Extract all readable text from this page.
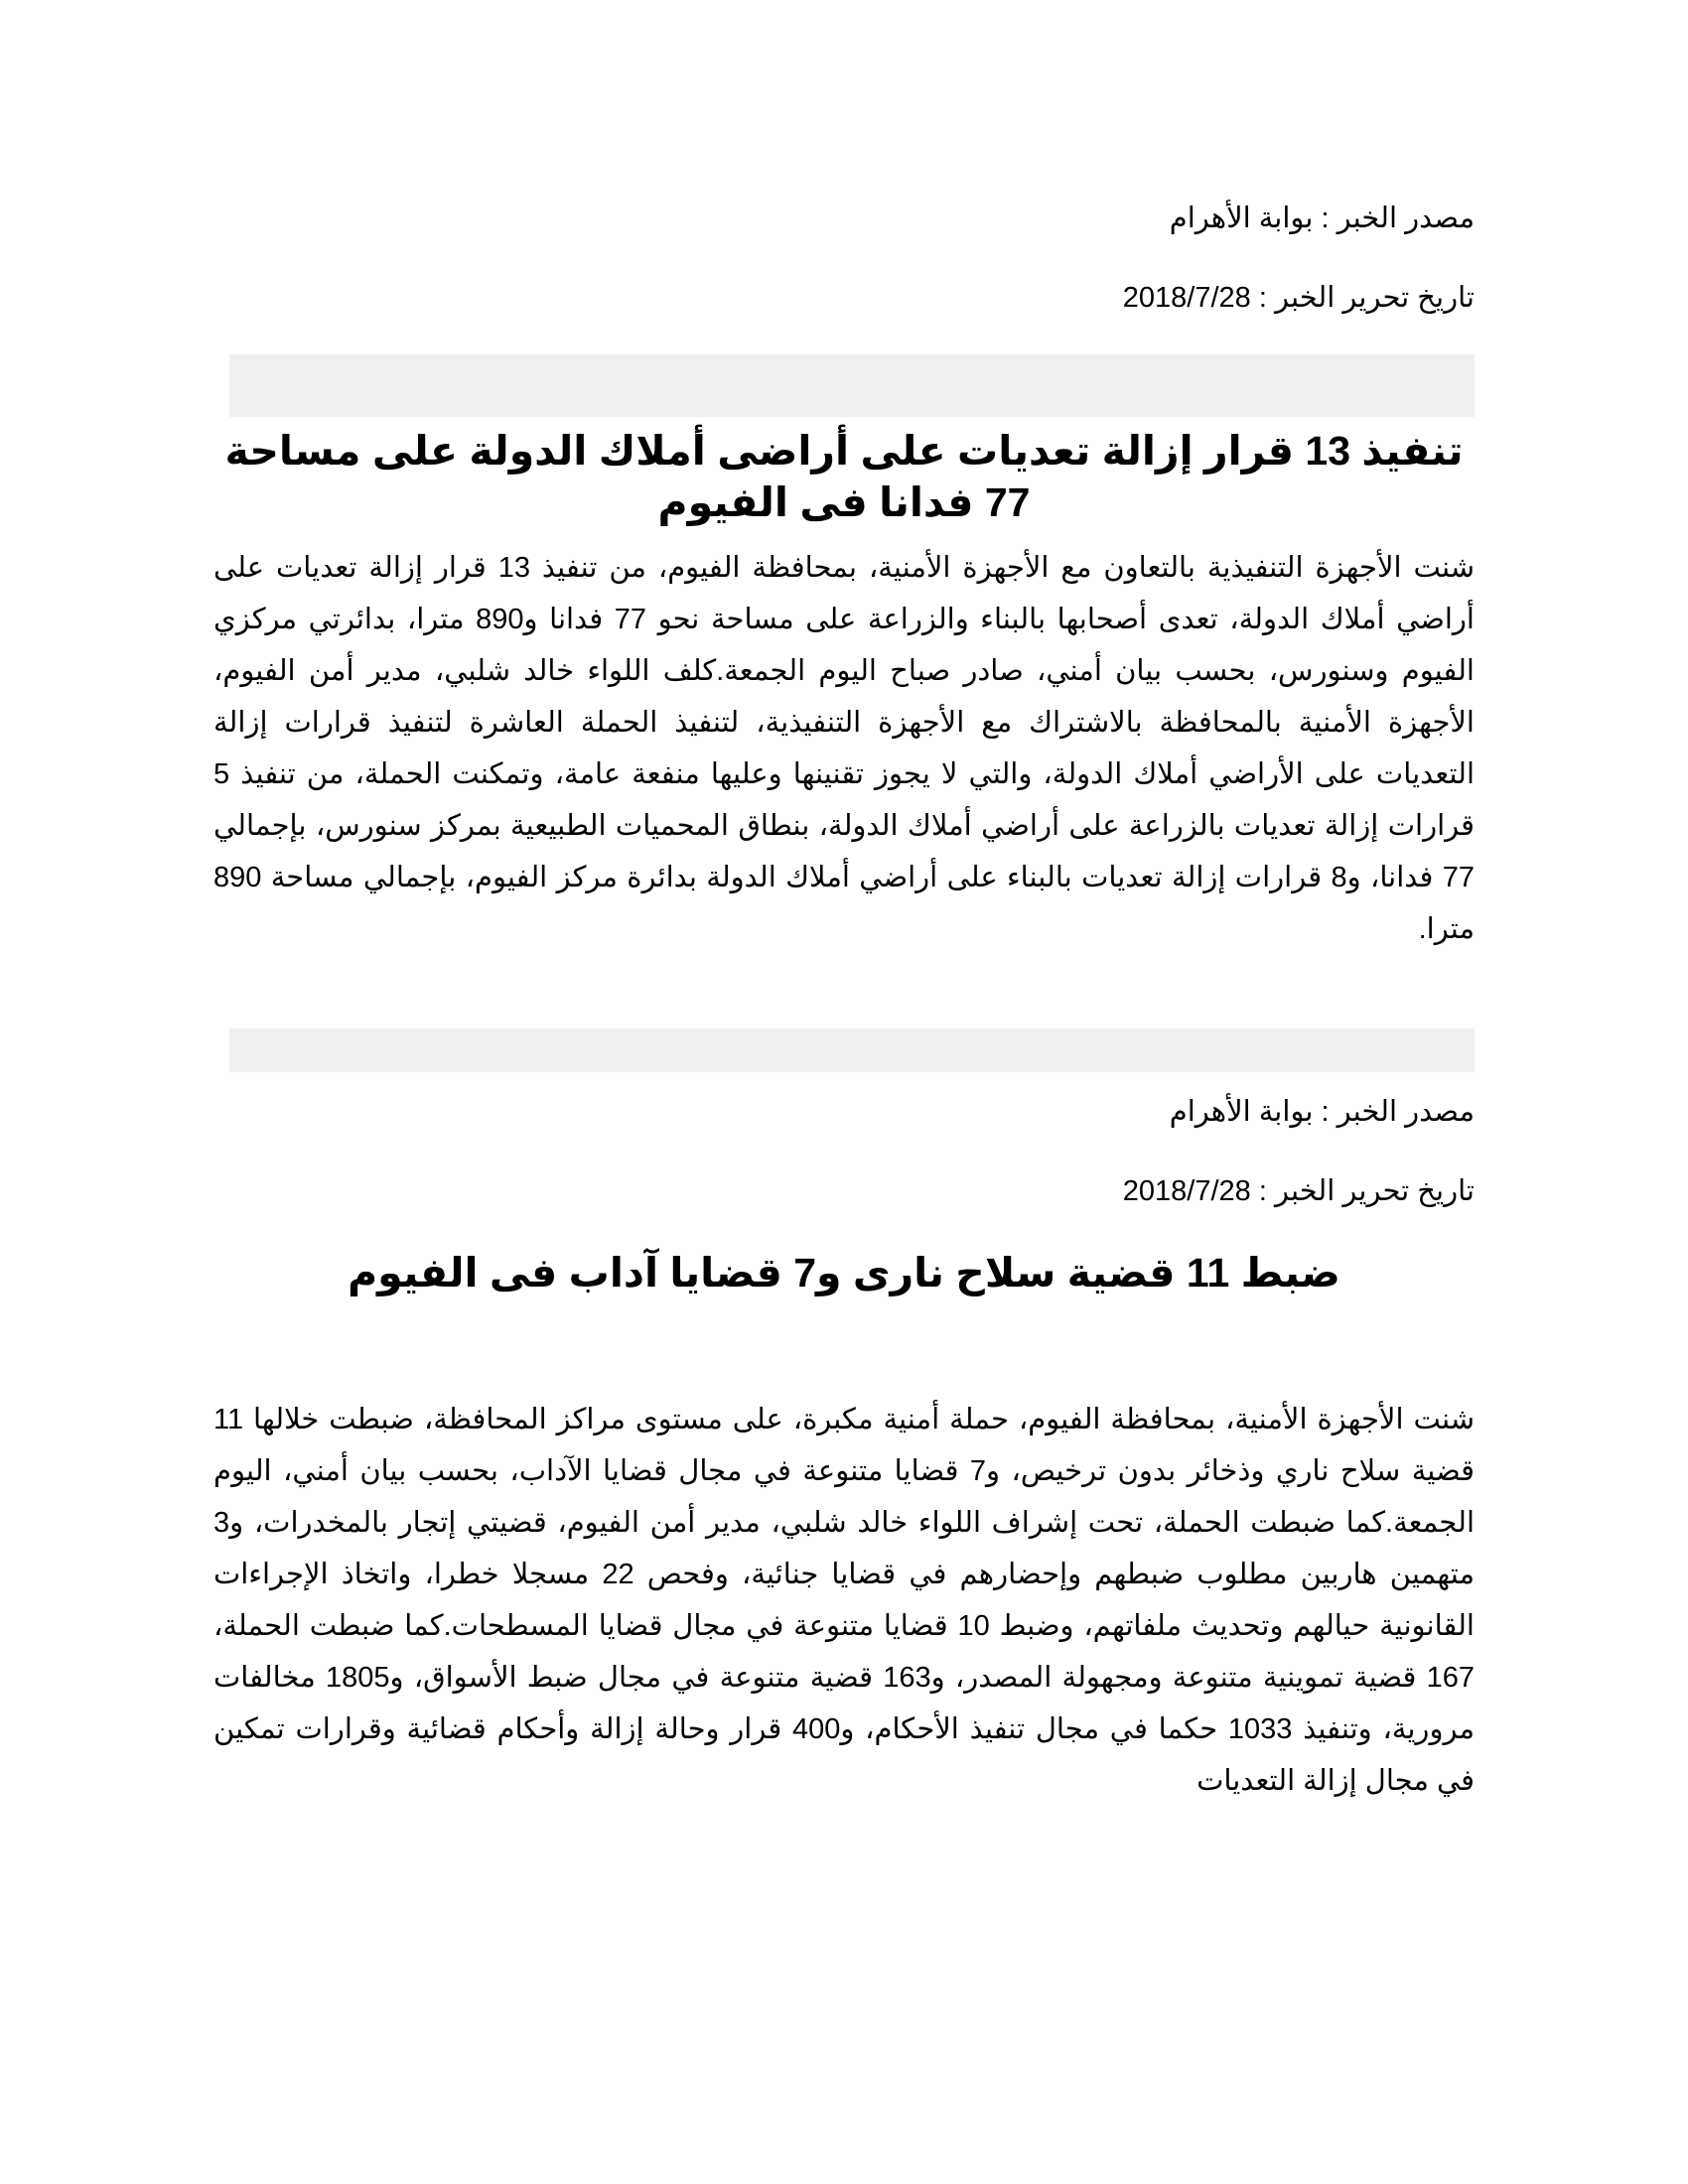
مصدر الخبر : بوابة الأهرام
تاريخ تحرير الخبر : 2018/7/28
تنفيذ 13 قرار إزالة تعديات على أراضى أملاك الدولة على مساحة 77 فدانا فى الفيوم
شنت الأجهزة التنفيذية بالتعاون مع الأجهزة الأمنية، بمحافظة الفيوم، من تنفيذ 13 قرار إزالة تعديات على أراضي أملاك الدولة، تعدى أصحابها بالبناء والزراعة على مساحة نحو 77 فدانا و890 مترا، بدائرتي مركزي الفيوم وسنورس، بحسب بيان أمني، صادر صباح اليوم الجمعة.كلف اللواء خالد شلبي، مدير أمن الفيوم، الأجهزة الأمنية بالمحافظة بالاشتراك مع الأجهزة التنفيذية، لتنفيذ الحملة العاشرة لتنفيذ قرارات إزالة التعديات على الأراضي أملاك الدولة، والتي لا يجوز تقنينها وعليها منفعة عامة، وتمكنت الحملة، من تنفيذ 5 قرارات إزالة تعديات بالزراعة على أراضي أملاك الدولة، بنطاق المحميات الطبيعية بمركز سنورس، بإجمالي 77 فدانا، و8 قرارات إزالة تعديات بالبناء على أراضي أملاك الدولة بدائرة مركز الفيوم، بإجمالي مساحة 890 مترا.
مصدر الخبر : بوابة الأهرام
تاريخ تحرير الخبر : 2018/7/28
ضبط 11 قضية سلاح نارى و7 قضايا آداب فى الفيوم
شنت الأجهزة الأمنية، بمحافظة الفيوم، حملة أمنية مكبرة، على مستوى مراكز المحافظة، ضبطت خلالها 11 قضية سلاح ناري وذخائر بدون ترخيص، و7 قضايا متنوعة في مجال قضايا الآداب، بحسب بيان أمني، اليوم الجمعة.كما ضبطت الحملة، تحت إشراف اللواء خالد شلبي، مدير أمن الفيوم، قضيتي إتجار بالمخدرات، و3 متهمين هاربين مطلوب ضبطهم وإحضارهم في قضايا جنائية، وفحص 22 مسجلا خطرا، واتخاذ الإجراءات القانونية حيالهم وتحديث ملفاتهم، وضبط 10 قضايا متنوعة في مجال قضايا المسطحات.كما ضبطت الحملة، 167 قضية تموينية متنوعة ومجهولة المصدر، و163 قضية متنوعة في مجال ضبط الأسواق، و1805 مخالفات مرورية، وتنفيذ 1033 حكما في مجال تنفيذ الأحكام، و400 قرار وحالة إزالة وأحكام قضائية وقرارات تمكين في مجال إزالة التعديات
